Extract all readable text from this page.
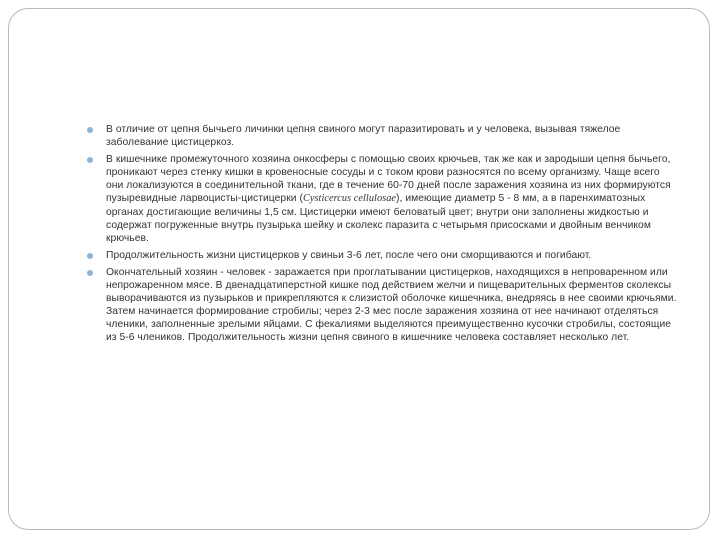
В отличие от цепня бычьего личинки цепня свиного могут паразитировать и у человека, вызывая тяжелое заболевание цистицеркоз.
В кишечнике промежуточного хозяина онкосферы с помощью своих крючьев, так же как и зародыши цепня бычьего, проникают через стенку кишки в кровеносные сосуды и с током крови разносятся по всему организму. Чаще всего они локализуются в соединительной ткани, где в течение 60-70 дней после заражения хозяина из них формируются пузыревидные ларвоцисты-цистицерки (Cysticercus cellulosae), имеющие диаметр 5 - 8 мм, а в паренхиматозных органах достигающие величины 1,5 см. Цистицерки имеют беловатый цвет; внутри они заполнены жидкостью и содержат погруженные внутрь пузырька шейку и сколекс паразита с четырьмя присосками и двойным венчиком крючьев.
Продолжительность жизни цистицерков у свиньи 3-6 лет, после чего они сморщиваются и погибают.
Окончательный хозяин - человек - заражается при проглатывании цистицерков, находящихся в непроваренном или непрожаренном мясе. В двенадцатиперстной кишке под действием желчи и пищеварительных ферментов сколексы выворачиваются из пузырьков и прикрепляются к слизистой оболочке кишечника, внедряясь в нее своими крючьями. Затем начинается формирование стробилы; через 2-3 мес после заражения хозяина от нее начинают отделяться членики, заполненные зрелыми яйцами. С фекалиями выделяются преимущественно кусочки стробилы, состоящие из 5-6 члеников. Продолжительность жизни цепня свиного в кишечнике человека составляет несколько лет.
